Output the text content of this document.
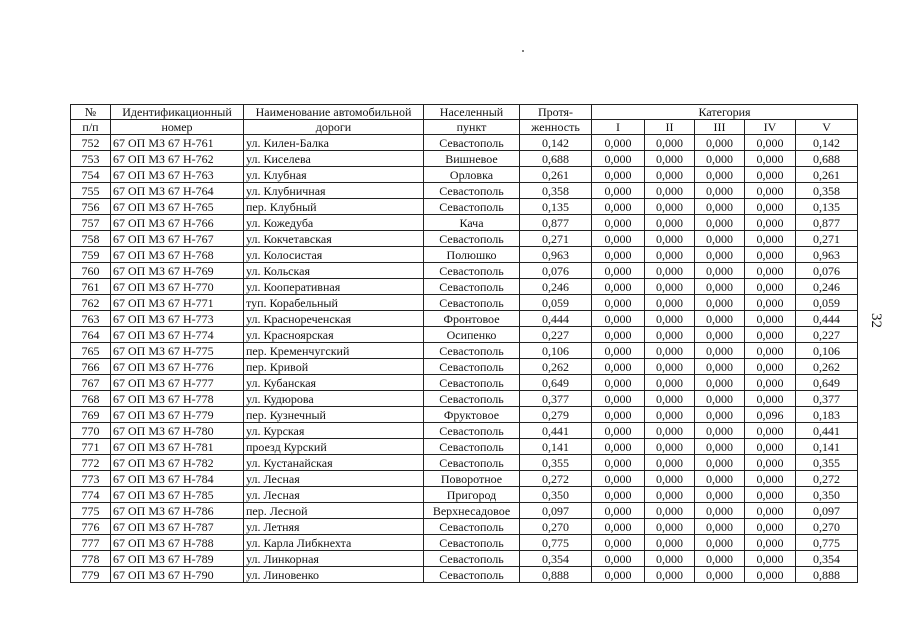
32
№	Идентификационный	Наименование автомобильной	Населенный	Протя-	Категория				
п/п	номер	дороги	пункт	женность	I	II	III	IV	V
752	67 ОП МЗ 67 Н-761	ул. Килен-Балка	Севастополь	0,142	0,000	0,000	0,000	0,000	0,142
753	67 ОП МЗ 67 Н-762	ул. Киселева	Вишневое	0,688	0,000	0,000	0,000	0,000	0,688
754	67 ОП МЗ 67 Н-763	ул. Клубная	Орловка	0,261	0,000	0,000	0,000	0,000	0,261
755	67 ОП МЗ 67 Н-764	ул. Клубничная	Севастополь	0,358	0,000	0,000	0,000	0,000	0,358
756	67 ОП МЗ 67 Н-765	пер. Клубный	Севастополь	0,135	0,000	0,000	0,000	0,000	0,135
757	67 ОП МЗ 67 Н-766	ул. Кожедуба	Кача	0,877	0,000	0,000	0,000	0,000	0,877
758	67 ОП МЗ 67 Н-767	ул. Кокчетавская	Севастополь	0,271	0,000	0,000	0,000	0,000	0,271
759	67 ОП МЗ 67 Н-768	ул. Колосистая	Полюшко	0,963	0,000	0,000	0,000	0,000	0,963
760	67 ОП МЗ 67 Н-769	ул. Кольская	Севастополь	0,076	0,000	0,000	0,000	0,000	0,076
761	67 ОП МЗ 67 Н-770	ул. Кооперативная	Севастополь	0,246	0,000	0,000	0,000	0,000	0,246
762	67 ОП МЗ 67 Н-771	туп. Корабельный	Севастополь	0,059	0,000	0,000	0,000	0,000	0,059
763	67 ОП МЗ 67 Н-773	ул. Краснореченская	Фронтовое	0,444	0,000	0,000	0,000	0,000	0,444
764	67 ОП МЗ 67 Н-774	ул. Красноярская	Осипенко	0,227	0,000	0,000	0,000	0,000	0,227
765	67 ОП МЗ 67 Н-775	пер. Кременчугский	Севастополь	0,106	0,000	0,000	0,000	0,000	0,106
766	67 ОП МЗ 67 Н-776	пер. Кривой	Севастополь	0,262	0,000	0,000	0,000	0,000	0,262
767	67 ОП МЗ 67 Н-777	ул. Кубанская	Севастополь	0,649	0,000	0,000	0,000	0,000	0,649
768	67 ОП МЗ 67 Н-778	ул. Кудюрова	Севастополь	0,377	0,000	0,000	0,000	0,000	0,377
769	67 ОП МЗ 67 Н-779	пер. Кузнечный	Фруктовое	0,279	0,000	0,000	0,000	0,096	0,183
770	67 ОП МЗ 67 Н-780	ул. Курская	Севастополь	0,441	0,000	0,000	0,000	0,000	0,441
771	67 ОП МЗ 67 Н-781	проезд Курский	Севастополь	0,141	0,000	0,000	0,000	0,000	0,141
772	67 ОП МЗ 67 Н-782	ул. Кустанайская	Севастополь	0,355	0,000	0,000	0,000	0,000	0,355
773	67 ОП МЗ 67 Н-784	ул. Лесная	Поворотное	0,272	0,000	0,000	0,000	0,000	0,272
774	67 ОП МЗ 67 Н-785	ул. Лесная	Пригород	0,350	0,000	0,000	0,000	0,000	0,350
775	67 ОП МЗ 67 Н-786	пер. Лесной	Верхнесадовое	0,097	0,000	0,000	0,000	0,000	0,097
776	67 ОП МЗ 67 Н-787	ул. Летняя	Севастополь	0,270	0,000	0,000	0,000	0,000	0,270
777	67 ОП МЗ 67 Н-788	ул. Карла Либкнехта	Севастополь	0,775	0,000	0,000	0,000	0,000	0,775
778	67 ОП МЗ 67 Н-789	ул. Линкорная	Севастополь	0,354	0,000	0,000	0,000	0,000	0,354
779	67 ОП МЗ 67 Н-790	ул. Линовенко	Севастополь	0,888	0,000	0,000	0,000	0,000	0,888
